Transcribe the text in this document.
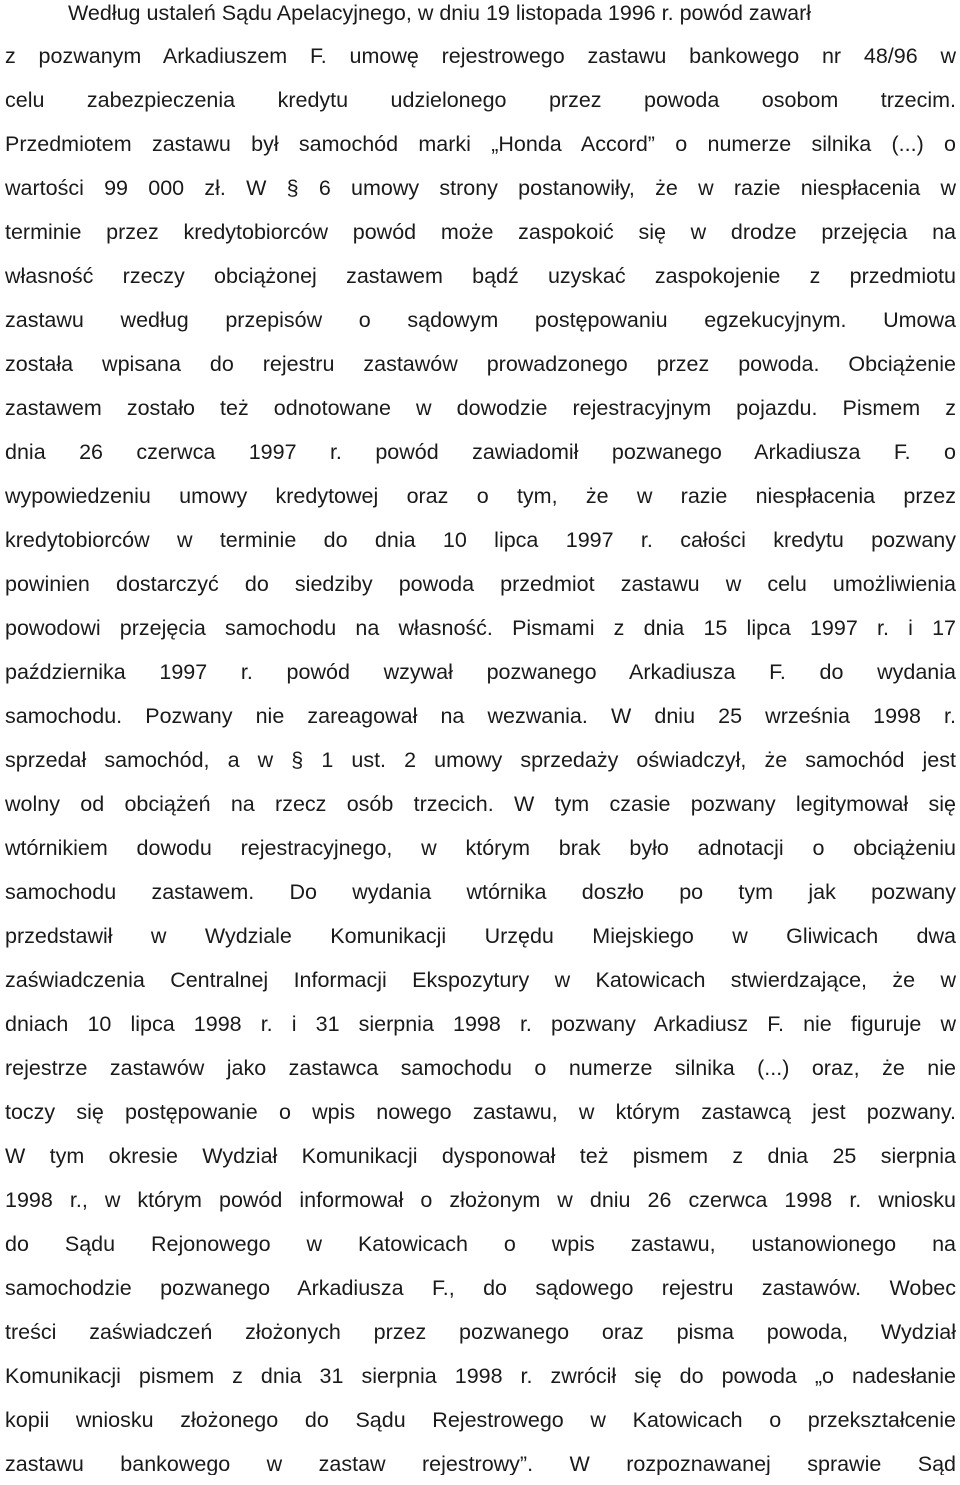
Według ustaleń Sądu Apelacyjnego, w dniu 19 listopada 1996 r. powód zawarł
z pozwanym Arkadiuszem F. umowę rejestrowego zastawu bankowego nr 48/96 w
celu zabezpieczenia kredytu udzielonego przez powoda osobom trzecim.
Przedmiotem zastawu był samochód marki „Honda Accord” o numerze silnika (...) o
wartości 99 000 zł. W § 6 umowy strony postanowiły, że w razie niespłacenia w
terminie przez kredytobiorców powód może zaspokoić się w drodze przejęcia na
własność rzeczy obciążonej zastawem bądź uzyskać zaspokojenie z przedmiotu
zastawu według przepisów o sądowym postępowaniu egzekucyjnym. Umowa
została wpisana do rejestru zastawów prowadzonego przez powoda. Obciążenie
zastawem zostało też odnotowane w dowodzie rejestracyjnym pojazdu. Pismem z
dnia 26 czerwca 1997 r. powód zawiadomił pozwanego Arkadiusza F. o
wypowiedzeniu umowy kredytowej oraz o tym, że w razie niespłacenia przez
kredytobiorców w terminie do dnia 10 lipca 1997 r. całości kredytu pozwany
powinien dostarczyć do siedziby powoda przedmiot zastawu w celu umożliwienia
powodowi przejęcia samochodu na własność. Pismami z dnia 15 lipca 1997 r. i 17
października 1997 r. powód wzywał pozwanego Arkadiusza F. do wydania
samochodu. Pozwany nie zareagował na wezwania. W dniu 25 września 1998 r.
sprzedał samochód, a w § 1 ust. 2 umowy sprzedaży oświadczył, że samochód jest
wolny od obciążeń na rzecz osób trzecich. W tym czasie pozwany legitymował się
wtórnikiem dowodu rejestracyjnego, w którym brak było adnotacji o obciążeniu
samochodu zastawem. Do wydania wtórnika doszło po tym jak pozwany
przedstawił w Wydziale Komunikacji Urzędu Miejskiego w Gliwicach dwa
zaświadczenia Centralnej Informacji Ekspozytury w Katowicach stwierdzające, że w
dniach 10 lipca 1998 r. i 31 sierpnia 1998 r. pozwany Arkadiusz F. nie figuruje w
rejestrze zastawów jako zastawca samochodu o numerze silnika (...) oraz, że nie
toczy się postępowanie o wpis nowego zastawu, w którym zastawcą jest pozwany.
W tym okresie Wydział Komunikacji dysponował też pismem z dnia 25 sierpnia
1998 r., w którym powód informował o złożonym w dniu 26 czerwca 1998 r. wniosku
do Sądu Rejonowego w Katowicach o wpis zastawu, ustanowionego na
samochodzie pozwanego Arkadiusza F., do sądowego rejestru zastawów. Wobec
treści zaświadczeń złożonych przez pozwanego oraz pisma powoda, Wydział
Komunikacji pismem z dnia 31 sierpnia 1998 r. zwrócił się do powoda „o nadesłanie
kopii wniosku złożonego do Sądu Rejestrowego w Katowicach o przekształcenie
zastawu bankowego w zastaw rejestrowy”. W rozpoznawanej sprawie Sąd
